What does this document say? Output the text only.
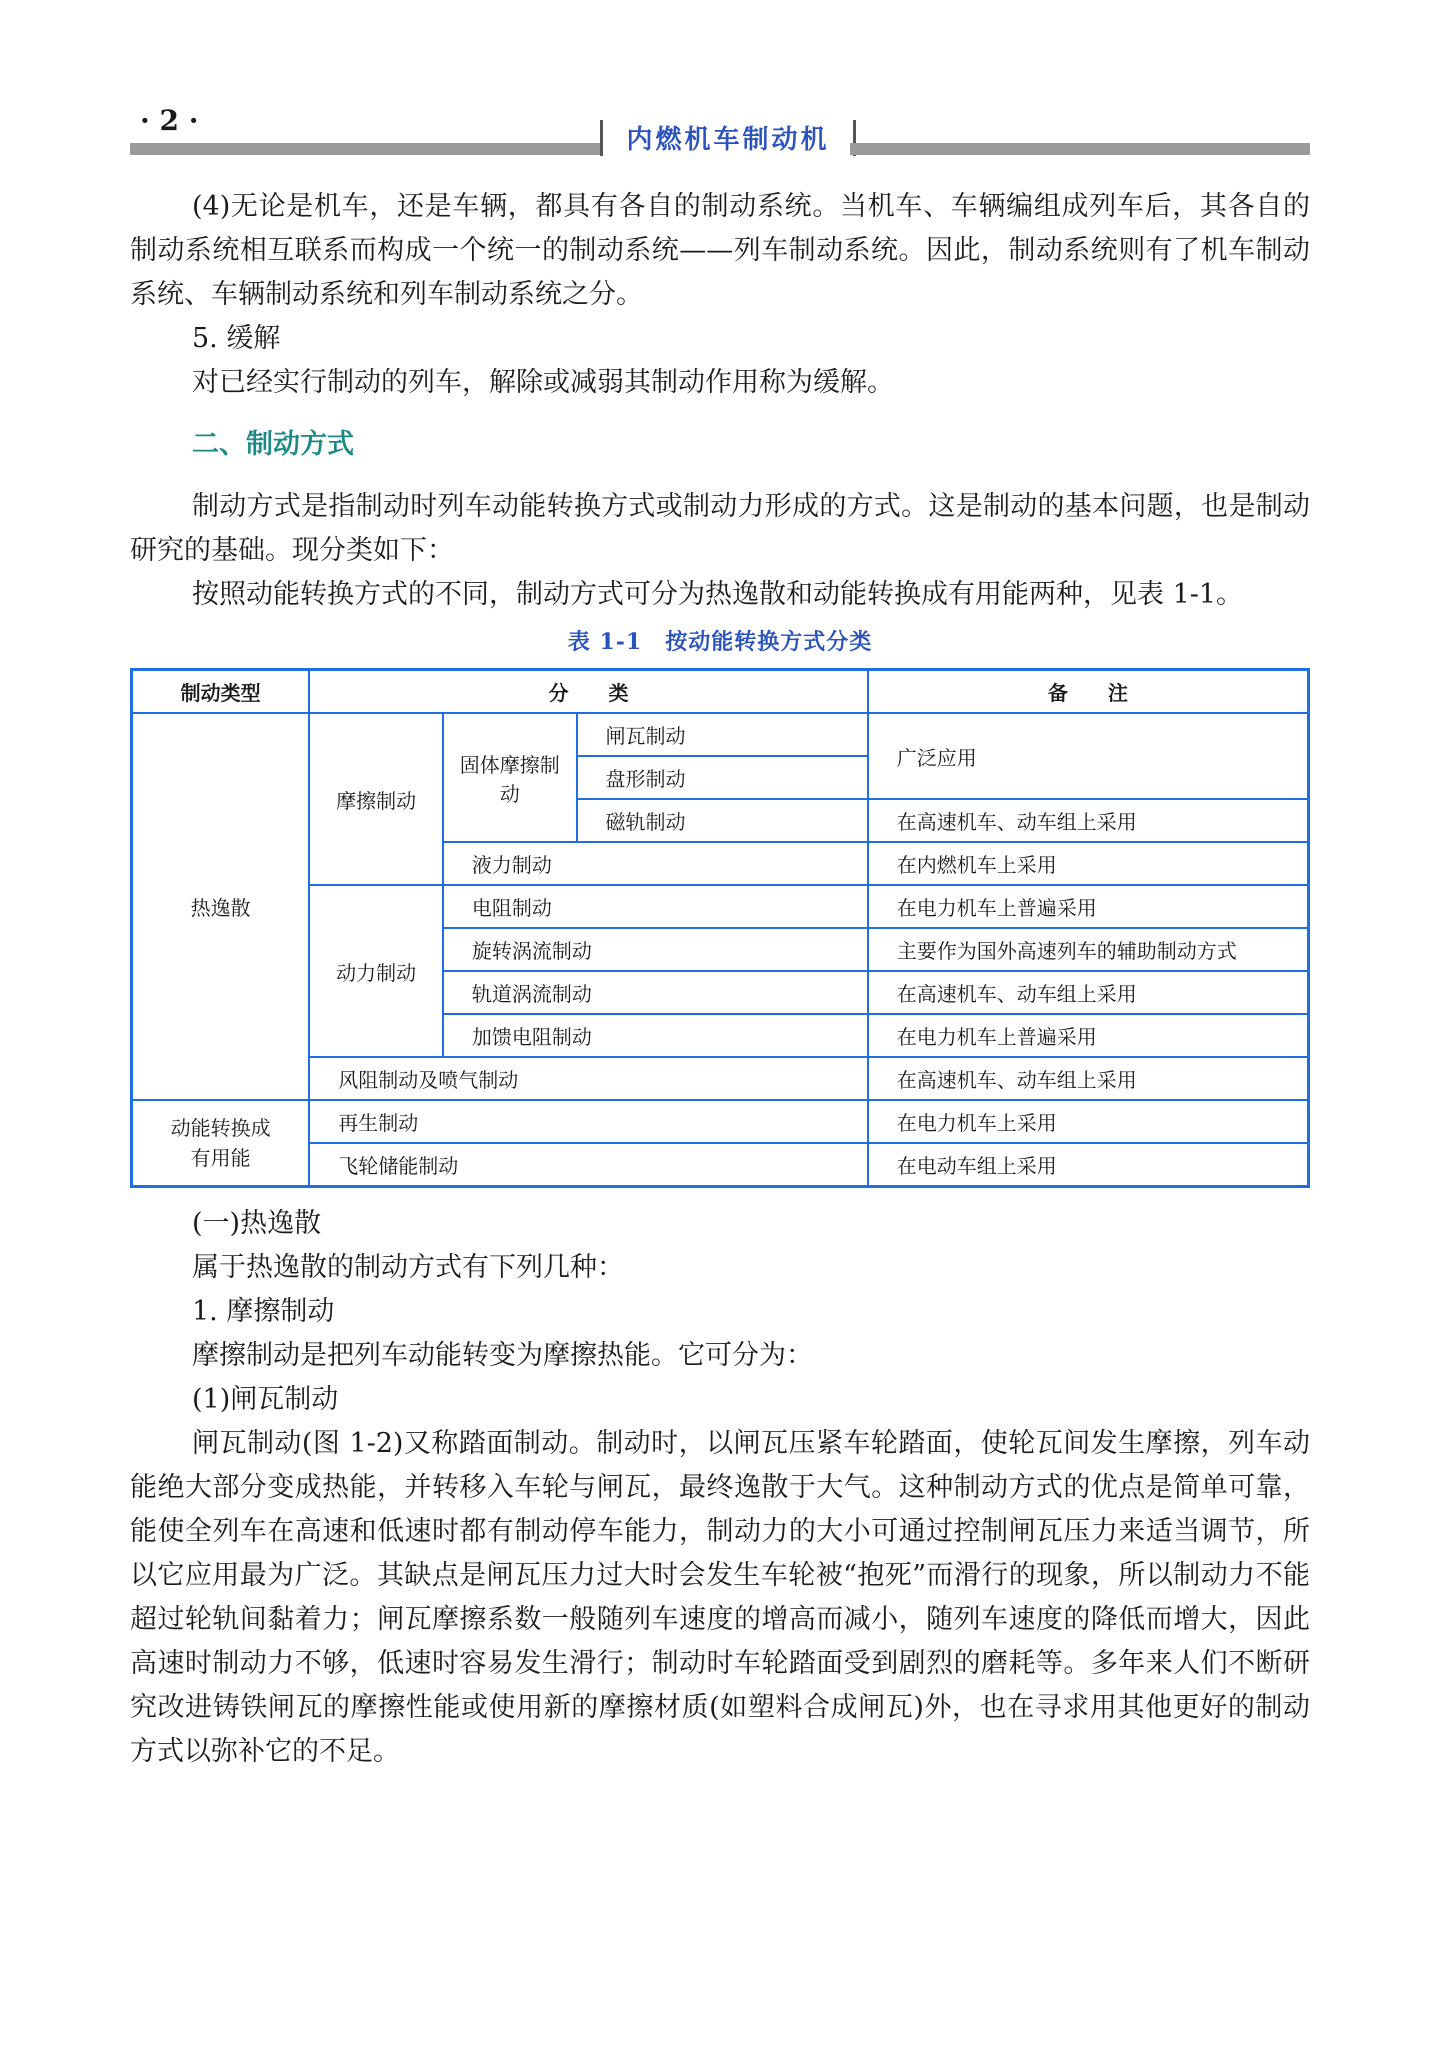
· 2 ·
内燃机车制动机

(4)无论是机车，还是车辆，都具有各自的制动系统。当机车、车辆编组成列车后，其各自的制动系统相互联系而构成一个统一的制动系统——列车制动系统。因此，制动系统则有了机车制动系统、车辆制动系统和列车制动系统之分。

5. 缓解

对已经实行制动的列车，解除或减弱其制动作用称为缓解。

二、制动方式

制动方式是指制动时列车动能转换方式或制动力形成的方式。这是制动的基本问题，也是制动研究的基础。现分类如下：

按照动能转换方式的不同，制动方式可分为热逸散和动能转换成有用能两种，见表 1-1。

表 1-1　按动能转换方式分类
制动类型	分　　类			备　　注
热逸散	摩擦制动	固体摩擦制动	闸瓦制动	广泛应用
			盘形制动	
			磁轨制动	在高速机车、动车组上采用
		液力制动		在内燃机车上采用
	动力制动	电阻制动		在电力机车上普遍采用
		旋转涡流制动		主要作为国外高速列车的辅助制动方式
		轨道涡流制动		在高速机车、动车组上采用
		加馈电阻制动		在电力机车上普遍采用
	风阻制动及喷气制动			在高速机车、动车组上采用
动能转换成有用能	再生制动			在电力机车上采用
	飞轮储能制动			在电动车组上采用

(一)热逸散

属于热逸散的制动方式有下列几种：

1. 摩擦制动

摩擦制动是把列车动能转变为摩擦热能。它可分为：

(1)闸瓦制动

闸瓦制动(图 1-2)又称踏面制动。制动时，以闸瓦压紧车轮踏面，使轮瓦间发生摩擦，列车动能绝大部分变成热能，并转移入车轮与闸瓦，最终逸散于大气。这种制动方式的优点是简单可靠，能使全列车在高速和低速时都有制动停车能力，制动力的大小可通过控制闸瓦压力来适当调节，所以它应用最为广泛。其缺点是闸瓦压力过大时会发生车轮被“抱死”而滑行的现象，所以制动力不能超过轮轨间黏着力；闸瓦摩擦系数一般随列车速度的增高而减小，随列车速度的降低而增大，因此高速时制动力不够，低速时容易发生滑行；制动时车轮踏面受到剧烈的磨耗等。多年来人们不断研究改进铸铁闸瓦的摩擦性能或使用新的摩擦材质(如塑料合成闸瓦)外，也在寻求用其他更好的制动方式以弥补它的不足。
